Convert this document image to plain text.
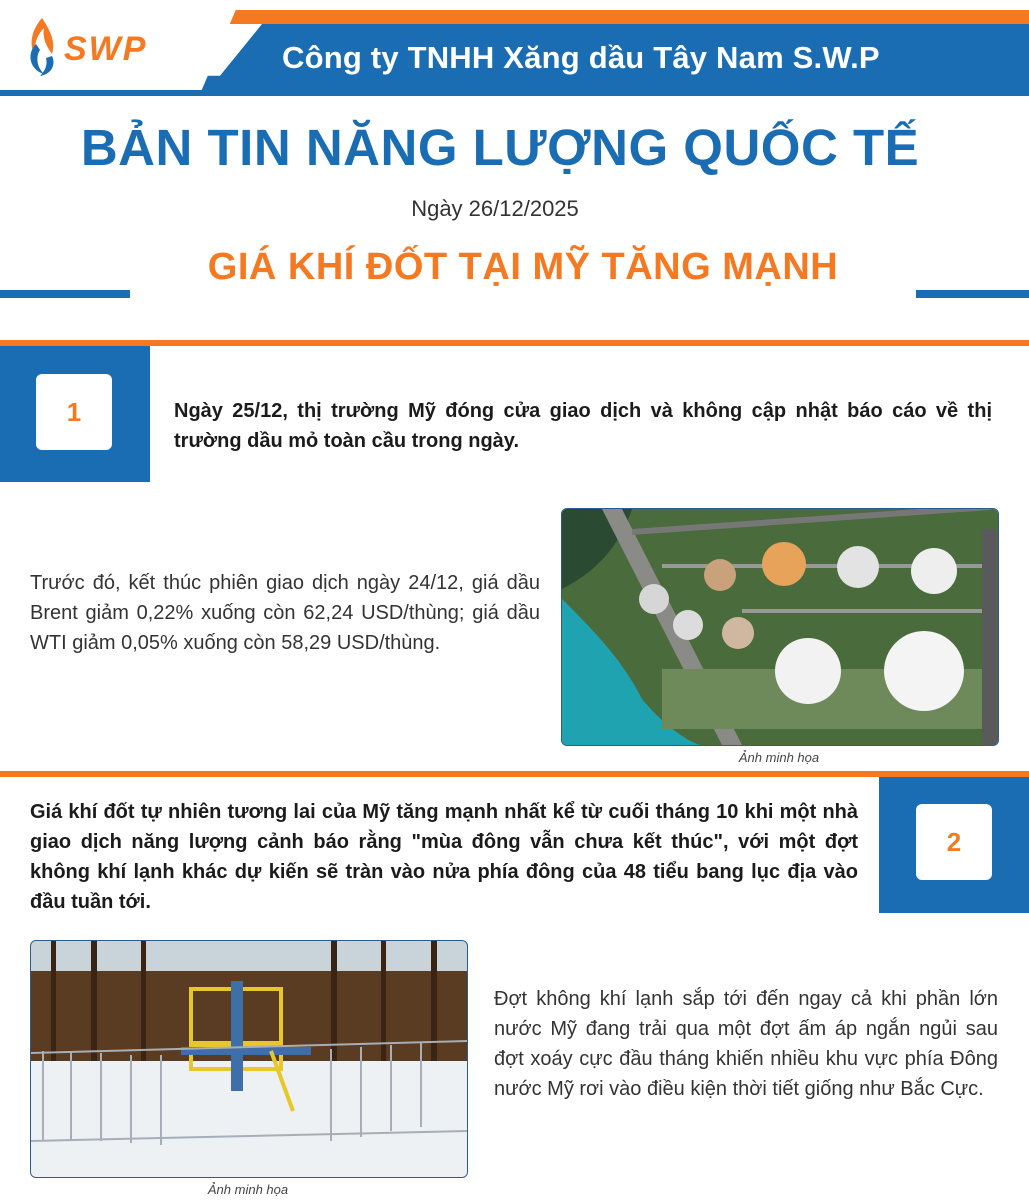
SWP	Công ty TNHH Xăng dầu Tây Nam S.W.P
BẢN TIN NĂNG LƯỢNG QUỐC TẾ
Ngày 26/12/2025
GIÁ KHÍ ĐỐT TẠI MỸ TĂNG MẠNH
1	Ngày 25/12, thị trường Mỹ đóng cửa giao dịch và không cập nhật báo cáo về thị trường dầu mỏ toàn cầu trong ngày.
Trước đó, kết thúc phiên giao dịch ngày 24/12, giá dầu Brent giảm 0,22% xuống còn 62,24 USD/thùng; giá dầu WTI giảm 0,05% xuống còn 58,29 USD/thùng.
Ảnh minh họa
2
Giá khí đốt tự nhiên tương lai của Mỹ tăng mạnh nhất kể từ cuối tháng 10 khi một nhà giao dịch năng lượng cảnh báo rằng "mùa đông vẫn chưa kết thúc", với một đợt không khí lạnh khác dự kiến sẽ tràn vào nửa phía đông của 48 tiểu bang lục địa vào đầu tuần tới.
Ảnh minh họa
Đợt không khí lạnh sắp tới đến ngay cả khi phần lớn nước Mỹ đang trải qua một đợt ấm áp ngắn ngủi sau đợt xoáy cực đầu tháng khiến nhiều khu vực phía Đông nước Mỹ rơi vào điều kiện thời tiết giống như Bắc Cực.
